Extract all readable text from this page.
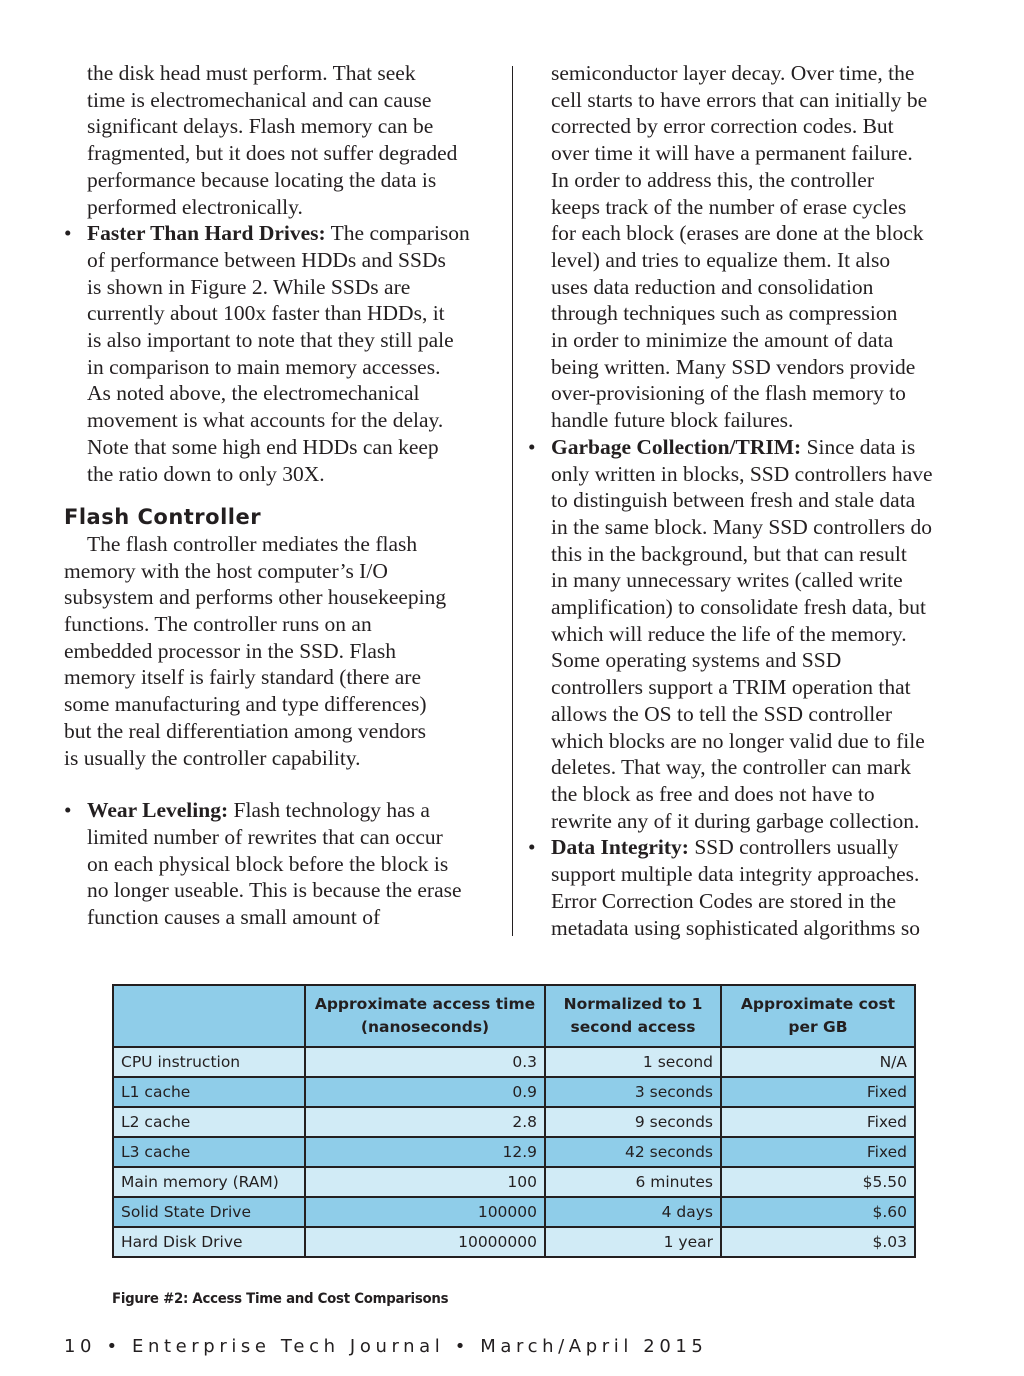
the disk head must perform. That seek

time is electromechanical and can cause

significant delays. Flash memory can be

fragmented, but it does not suffer degraded

performance because locating the data is

performed electronically.

• Faster Than Hard Drives: The comparison

of performance between HDDs and SSDs

is shown in Figure 2. While SSDs are

currently about 100x faster than HDDs, it

is also important to note that they still pale

in comparison to main memory accesses.

As noted above, the electromechanical

movement is what accounts for the delay.

Note that some high end HDDs can keep

the ratio down to only 30X.

Flash Controller

The flash controller mediates the flash

memory with the host computer’s I/O

subsystem and performs other housekeeping

functions. The controller runs on an

embedded processor in the SSD. Flash

memory itself is fairly standard (there are

some manufacturing and type differences)

but the real differentiation among vendors

is usually the controller capability.

• Wear Leveling: Flash technology has a

limited number of rewrites that can occur

on each physical block before the block is

no longer useable. This is because the erase

function causes a small amount of

semiconductor layer decay. Over time, the

cell starts to have errors that can initially be

corrected by error correction codes. But

over time it will have a permanent failure.

In order to address this, the controller

keeps track of the number of erase cycles

for each block (erases are done at the block

level) and tries to equalize them. It also

uses data reduction and consolidation

through techniques such as compression

in order to minimize the amount of data

being written. Many SSD vendors provide

over-provisioning of the flash memory to

handle future block failures.

• Garbage Collection/TRIM: Since data is

only written in blocks, SSD controllers have

to distinguish between fresh and stale data

in the same block. Many SSD controllers do

this in the background, but that can result

in many unnecessary writes (called write

amplification) to consolidate fresh data, but

which will reduce the life of the memory.

Some operating systems and SSD

controllers support a TRIM operation that

allows the OS to tell the SSD controller

which blocks are no longer valid due to file

deletes. That way, the controller can mark

the block as free and does not have to

rewrite any of it during garbage collection.

• Data Integrity: SSD controllers usually

support multiple data integrity approaches.

Error Correction Codes are stored in the

metadata using sophisticated algorithms so

	Approximate access time (nanoseconds)	Normalized to 1 second access	Approximate cost per GB
CPU instruction	0.3	1 second	N/A
L1 cache	0.9	3 seconds	Fixed
L2 cache	2.8	9 seconds	Fixed
L3 cache	12.9	42 seconds	Fixed
Main memory (RAM)	100	6 minutes	$5.50
Solid State Drive	100000	4 days	$.60
Hard Disk Drive	10000000	1 year	$.03
Figure #2: Access Time and Cost Comparisons
10 • Enterprise Tech Journal • March/April 2015
